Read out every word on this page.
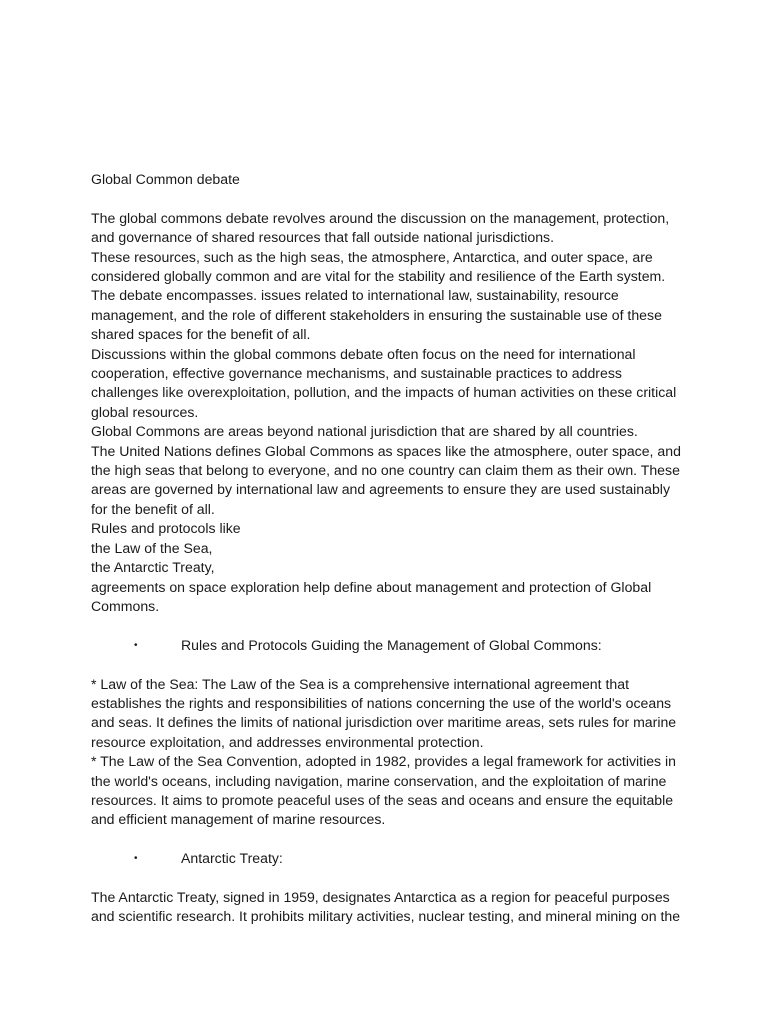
Global Common debate

The global commons debate revolves around the discussion on the management, protection, and governance of shared resources that fall outside national jurisdictions.

These resources, such as the high seas, the atmosphere, Antarctica, and outer space, are considered globally common and are vital for the stability and resilience of the Earth system.

The debate encompasses. issues related to international law, sustainability, resource management, and the role of different stakeholders in ensuring the sustainable use of these shared spaces for the benefit of all.

Discussions within the global commons debate often focus on the need for international cooperation, effective governance mechanisms, and sustainable practices to address challenges like overexploitation, pollution, and the impacts of human activities on these critical global resources.

Global Commons are areas beyond national jurisdiction that are shared by all countries.

The United Nations defines Global Commons as spaces like the atmosphere, outer space, and the high seas that belong to everyone, and no one country can claim them as their own. These areas are governed by international law and agreements to ensure they are used sustainably for the benefit of all.

Rules and protocols like

the Law of the Sea,

the Antarctic Treaty,

agreements on space exploration help define about management and protection of Global Commons.

•	Rules and Protocols Guiding the Management of Global Commons:

* Law of the Sea: The Law of the Sea is a comprehensive international agreement that establishes the rights and responsibilities of nations concerning the use of the world's oceans and seas. It defines the limits of national jurisdiction over maritime areas, sets rules for marine resource exploitation, and addresses environmental protection.

* The Law of the Sea Convention, adopted in 1982, provides a legal framework for activities in the world's oceans, including navigation, marine conservation, and the exploitation of marine resources. It aims to promote peaceful uses of the seas and oceans and ensure the equitable and efficient management of marine resources.

•	Antarctic Treaty:

The Antarctic Treaty, signed in 1959, designates Antarctica as a region for peaceful purposes and scientific research. It prohibits military activities, nuclear testing, and mineral mining on the
